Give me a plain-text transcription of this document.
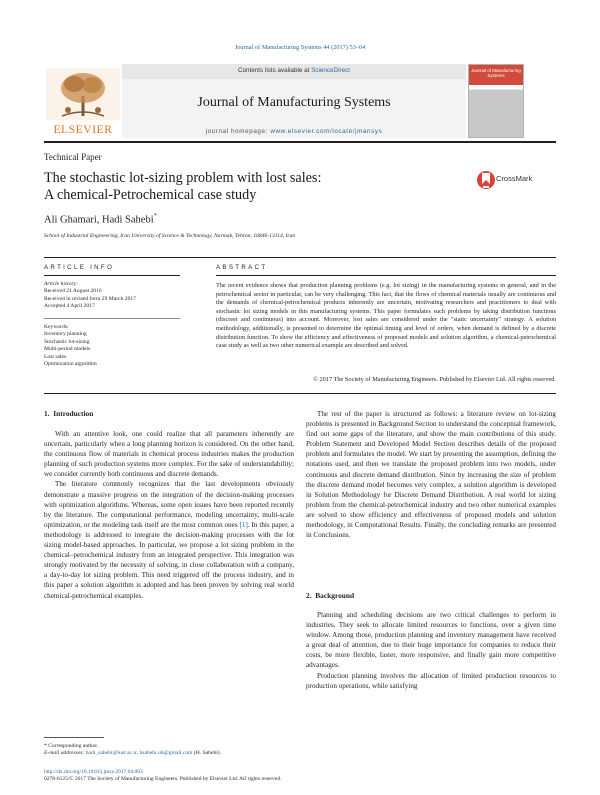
Journal of Manufacturing Systems 44 (2017) 53–64
ELSEVIER
Contents lists available at ScienceDirect
Journal of Manufacturing Systems
journal homepage: www.elsevier.com/locate/jmansys
Journal of Manufacturing Systems
Technical Paper
The stochastic lot-sizing problem with lost sales:
A chemical-Petrochemical case study
CrossMark
Ali Ghamari, Hadi Sahebi*
School of Industrial Engineering, Iran University of Science & Technology, Narmak, Tehran, 16846-13114, Iran
ARTICLE INFO	ABSTRACT
Article history:
Received 21 August 2016
Received in revised form 29 March 2017
Accepted 4 April 2017
Keywords:
Inventory planning
Stochastic lot-sizing
Multi-period models
Lost sales
Optimization algorithm
The recent evidence shows that production planning problems (e.g. lot sizing) in the manufacturing systems in general, and in the petrochemical sector in particular, can be very challenging. This fact, that the flows of chemical materials usually are continuous and the demands of chemical-petrochemical products inherently are uncertain, motivating researchers and practitioners to deal with stochastic lot sizing models in this manufacturing systems. This paper formulates such problems by taking distribution functions (discreet and continuous) into account. Moreover, lost sales are considered under the "static uncertainty" strategy. A solution methodology, additionally, is presented to determine the optimal timing and level of orders, when demand is defined by a discrete distribution function. To show the efficiency and effectiveness of proposed models and solution algorithm, a chemical-petrochemical case study as well as two other numerical example are described and solved.
© 2017 The Society of Manufacturing Engineers. Published by Elsevier Ltd. All rights reserved.
1. Introduction

With an attentive look, one could realize that all parameters inherently are uncertain, particularly when a long planning horizon is considered. On the other hand, the continuous flow of materials in chemical process industries makes the production planning of such production systems more complex. For the sake of understandability; we consider currently both continuous and discrete demands.

The literature commonly recognizes that the last developments obviously demonstrate a massive progress on the integration of the decision-making processes with optimization algorithms. Whereas, some open issues have been reported recently by the literature. The computational performance, modeling uncertainty, multi-scale optimization, or the modeling task itself are the most common ones [1]. In this paper, a methodology is addressed to integrate the decision-making processes with the lot sizing model-based approaches. In particular, we propose a lot sizing problem in the chemical–petrochemical industry from an integrated perspective. This integration was strongly motivated by the necessity of solving, in close collaboration with a company, a day-to-day lot sizing problem. This need triggered off the process industry, and in this paper a solution algorithm is adopted and has been proven by solving real world chemical-petrochemical examples.

The rest of the paper is structured as follows: a literature review on lot-sizing problems is presented in Background Section to understand the conceptual framework, find out some gaps of the literature, and show the main contributions of this study. Problem Statement and Developed Model Section describes details of the proposed problem and formulates the model. We start by presenting the assumption, defining the notations used, and then we translate the proposed problem into two models, under continuous and discrete demand distribution. Since by increasing the size of problem the discrete demand model becomes very complex, a solution algorithm is developed in Solution Methodology for Discrete Demand Distribution. A real world lot sizing problem from the chemical-petrochemical industry and two other numerical examples are solved to show efficiency and effectiveness of proposed models and solution methodology, in Computational Results. Finally, the concluding remarks are presented in Conclusions.

2. Background

Planning and scheduling decisions are two critical challenges to perform in industries. They seek to allocate limited resources to functions, over a given time window. Among those, production planning and inventory management have received a great deal of attention, due to their huge importance for companies to reduce their costs, be more flexible, faster, more responsive, and finally gain more competitive advantages.

Production planning involves the allocation of limited production resources to production operations, while satisfying

* Corresponding author.
E-mail addresses: hadi_sahebi@iust.ac.ir, hsahebi.ub@gmail.com (H. Sahebi).
http://dx.doi.org/10.1016/j.jmsy.2017.04.003
0278-6125/© 2017 The Society of Manufacturing Engineers. Published by Elsevier Ltd. All rights reserved.
